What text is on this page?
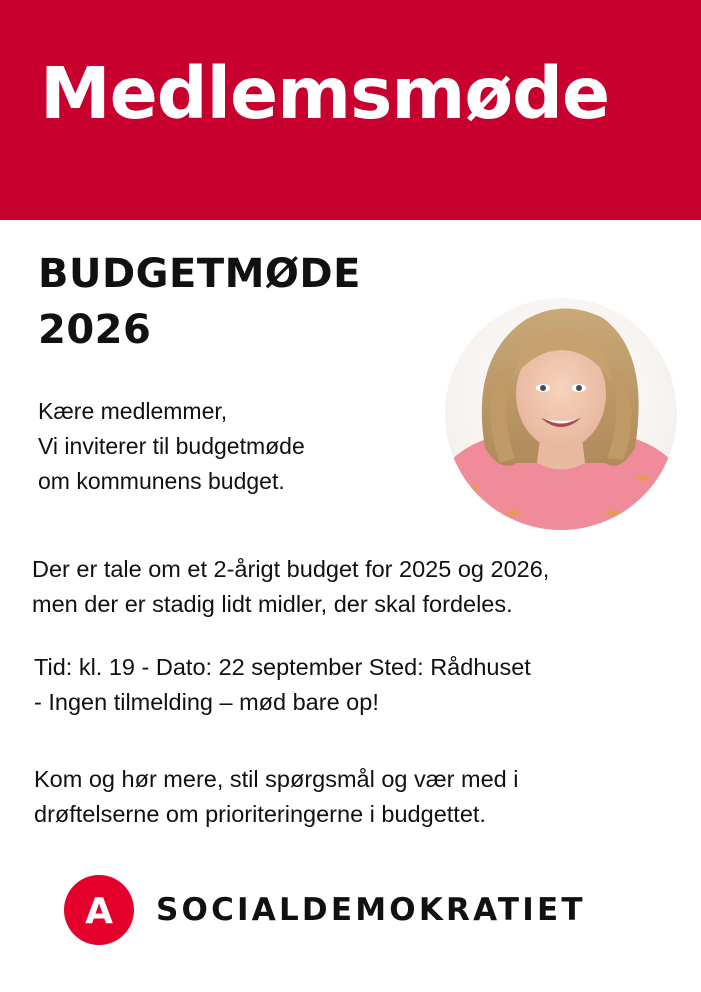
Medlemsmøde
BUDGETMØDE
2026

Kære medlemmer,
Vi inviterer til budgetmøde
om kommunens budget.

Der er tale om et 2-årigt budget for 2025 og 2026,
men der er stadig lidt midler, der skal fordeles.

Tid: kl. 19 - Dato: 22 september Sted: Rådhuset
- Ingen tilmelding – mød bare op!

Kom og hør mere, stil spørgsmål og vær med i
drøftelserne om prioriteringerne i budgettet.

A SOCIALDEMOKRATIET
